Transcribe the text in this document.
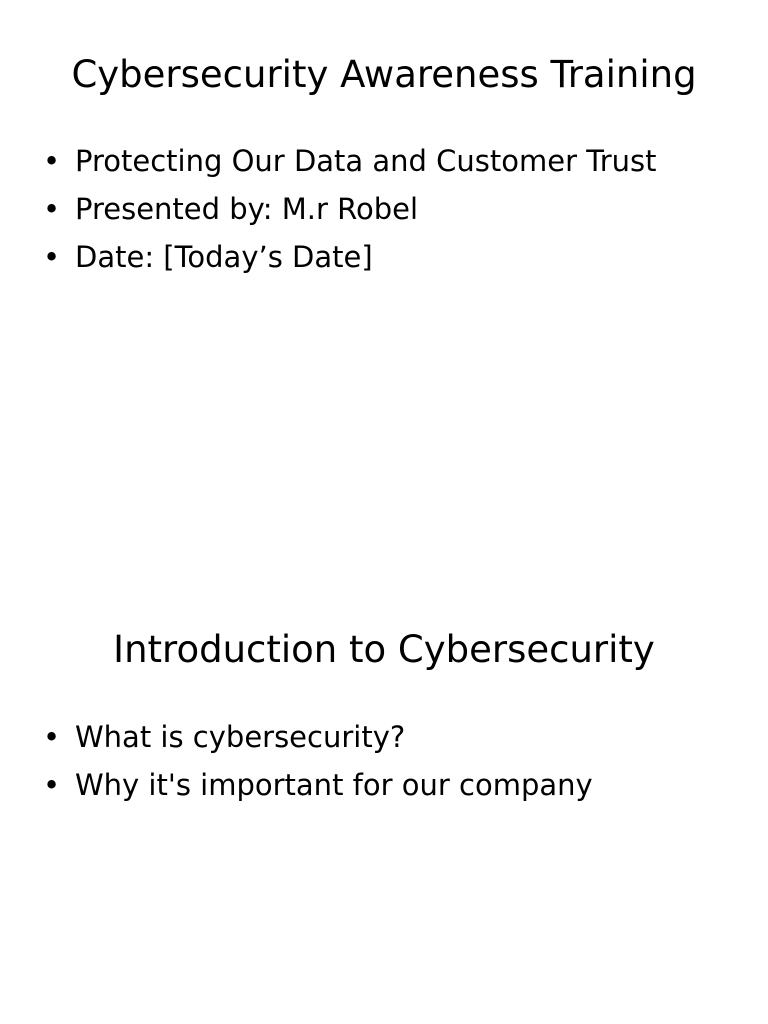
Cybersecurity Awareness Training
• Protecting Our Data and Customer Trust
• Presented by: M.r Robel
• Date: [Today’s Date]
Introduction to Cybersecurity
• What is cybersecurity?
• Why it's important for our company
